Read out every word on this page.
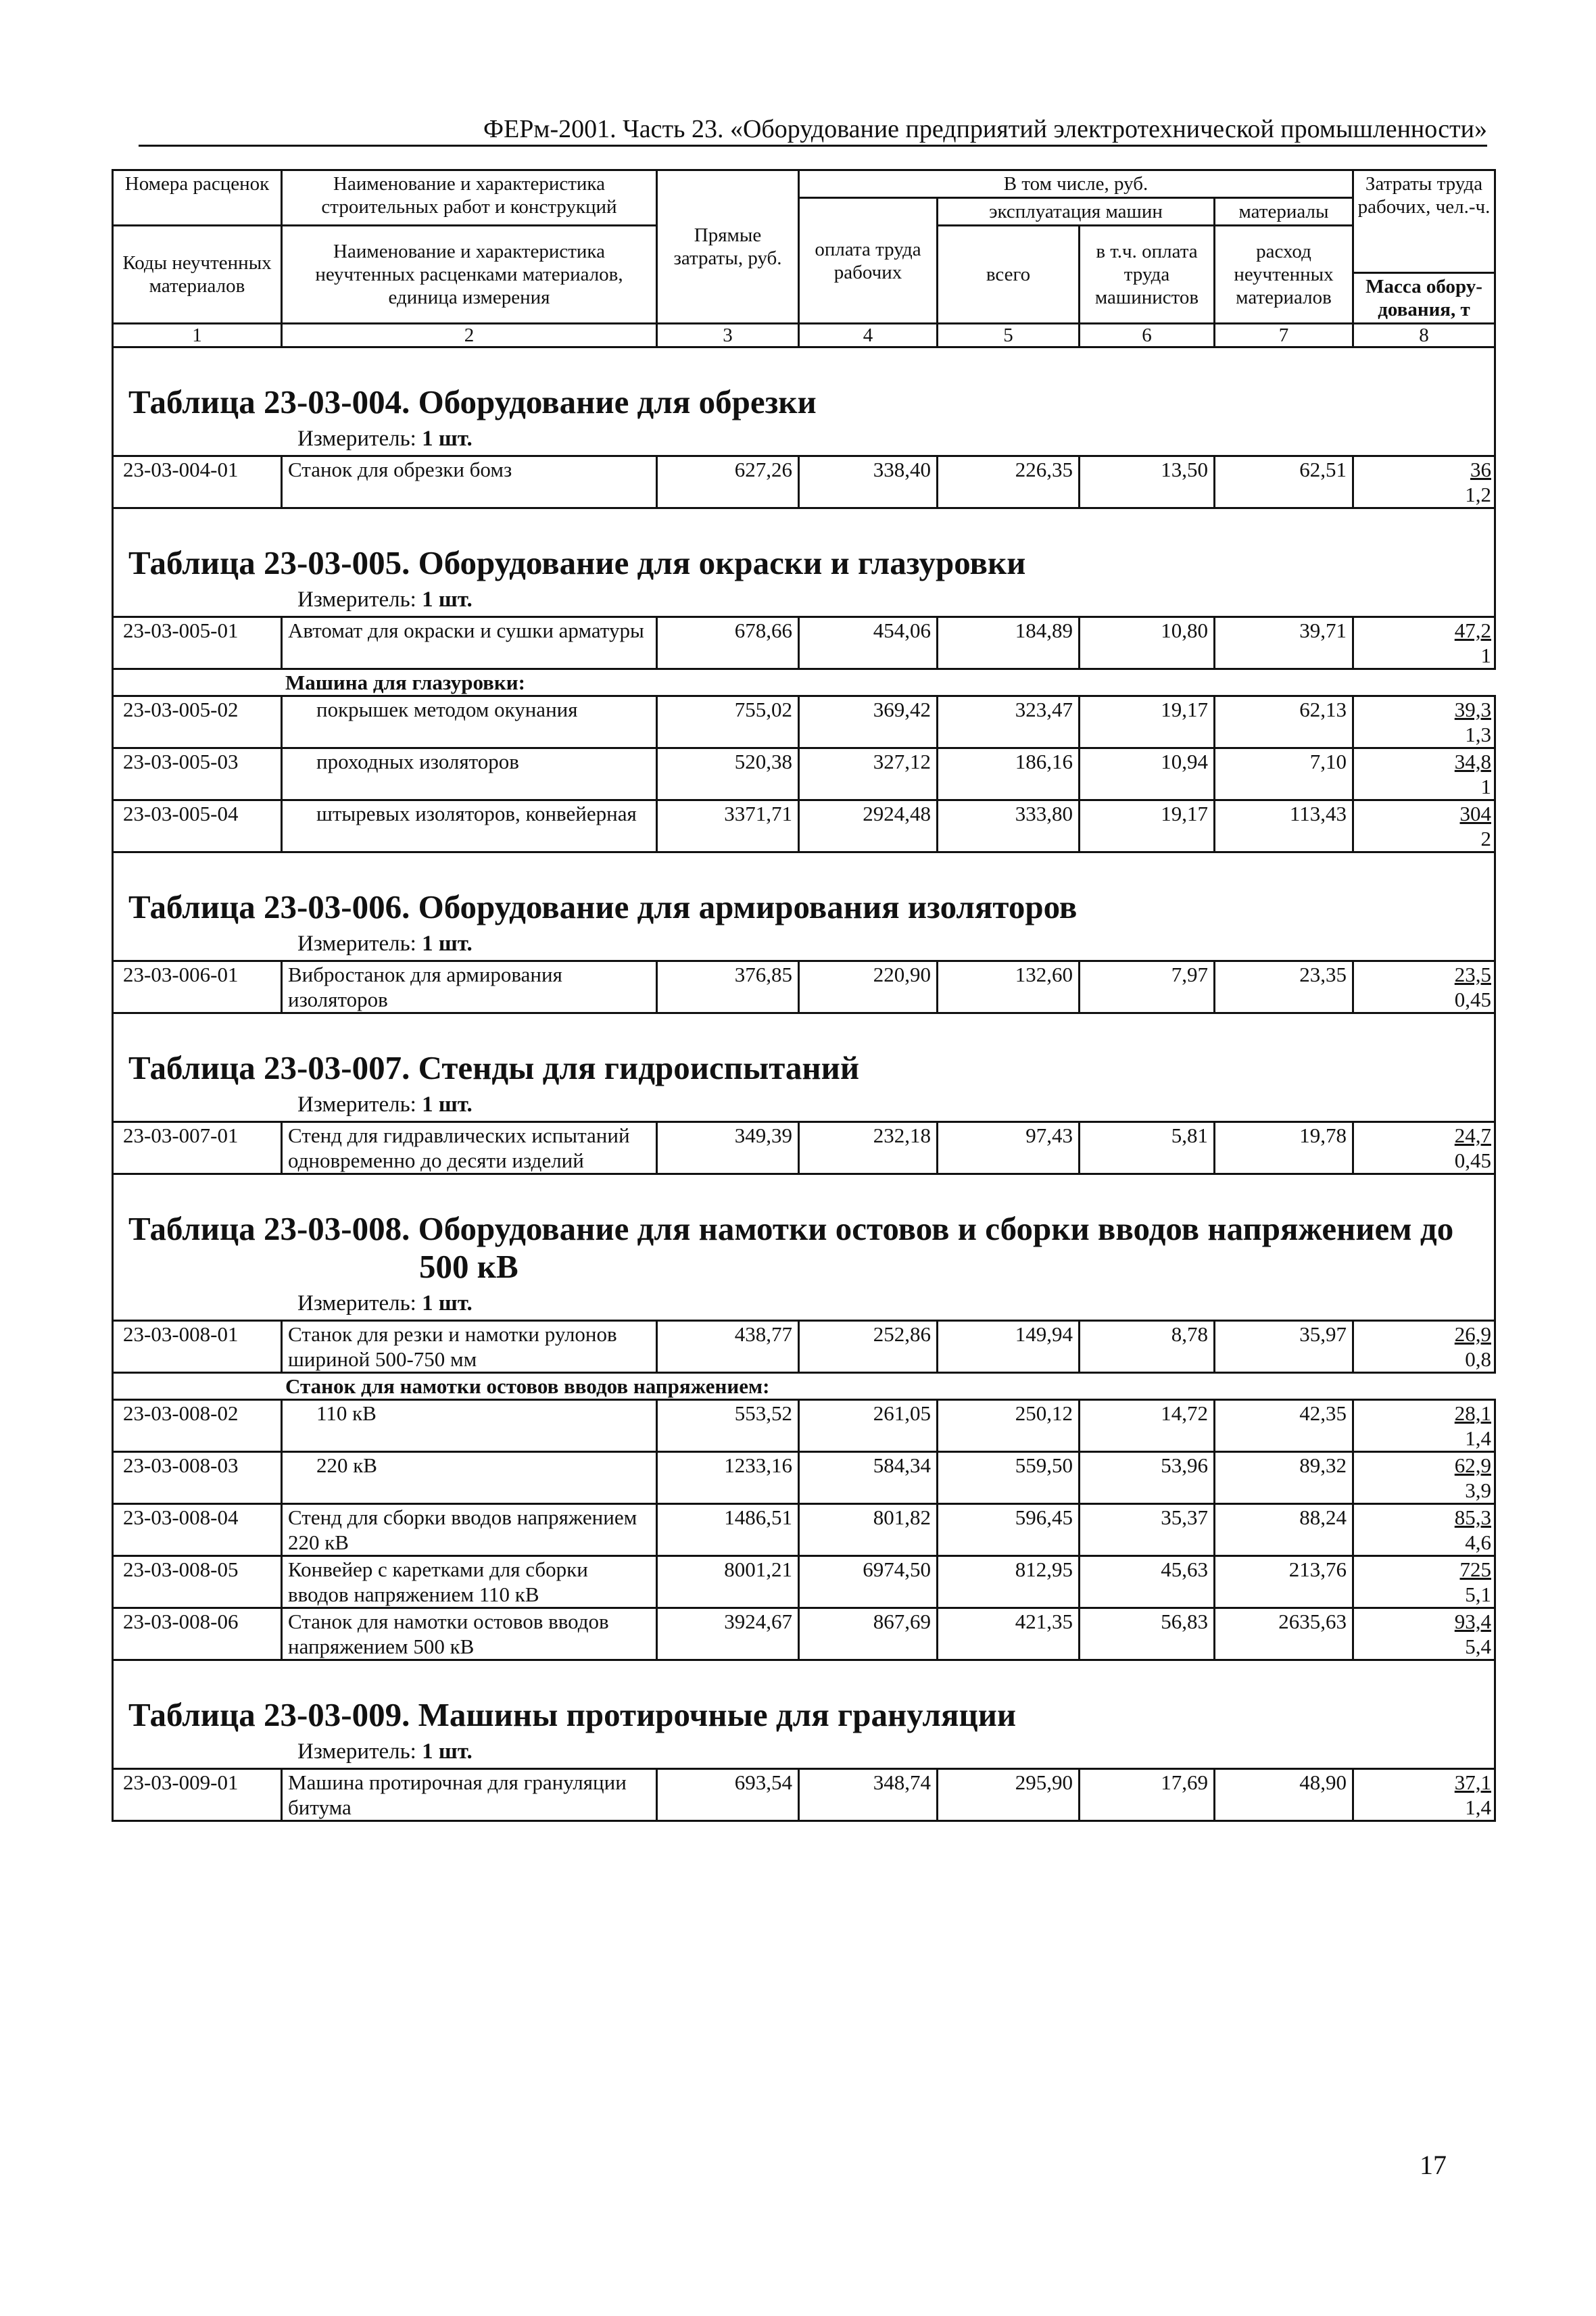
ФЕРм-2001. Часть 23. «Оборудование предприятий электротехнической промышленности»
Номера расценок	Наименование и характеристика строительных работ и конструкций	Прямые затраты, руб.	В том числе, руб.				Затраты труда рабочих, чел.-ч.
			оплата труда рабочих	эксплуатация машин		материалы	
Коды неучтенных материалов	Наименование и характеристика неучтенных расценками материалов, единица измерения			всего	в т.ч. оплата труда машинистов	расход неучтенных материалов	
							Масса обору-дования, т
1	2	3	4	5	6	7	8

Таблица 23-03-004. Оборудование для обрезки
Измеритель: 1 шт.							

23-03-004-01	Станок для обрезки бомз	627,26	338,40	226,35	13,50	62,51	36
1,2

Таблица 23-03-005. Оборудование для окраски и глазуровки
Измеритель: 1 шт.							

23-03-005-01	Автомат для окраски и сушки арматуры	678,66	454,06	184,89	10,80	39,71	47,2
1

Машина для глазуровки:							
23-03-005-02	покрышек методом окунания	755,02	369,42	323,47	19,17	62,13	39,3
1,3

23-03-005-03	проходных изоляторов	520,38	327,12	186,16	10,94	7,10	34,8
1

23-03-005-04	штыревых изоляторов, конвейерная	3371,71	2924,48	333,80	19,17	113,43	304
2

Таблица 23-03-006. Оборудование для армирования изоляторов
Измеритель: 1 шт.							

23-03-006-01	Вибростанок для армирования изоляторов	376,85	220,90	132,60	7,97	23,35	23,5
0,45

Таблица 23-03-007. Стенды для гидроиспытаний
Измеритель: 1 шт.							

23-03-007-01	Стенд для гидравлических испытаний одновременно до десяти изделий	349,39	232,18	97,43	5,81	19,78	24,7
0,45

Таблица 23-03-008. Оборудование для намотки остовов и сборки вводов напряжением до
500 кВ
Измеритель: 1 шт.							

23-03-008-01	Станок для резки и намотки рулонов шириной 500-750 мм	438,77	252,86	149,94	8,78	35,97	26,9
0,8

Станок для намотки остовов вводов напряжением:							
23-03-008-02	110 кВ	553,52	261,05	250,12	14,72	42,35	28,1
1,4

23-03-008-03	220 кВ	1233,16	584,34	559,50	53,96	89,32	62,9
3,9

23-03-008-04	Стенд для сборки вводов напряжением 220 кВ	1486,51	801,82	596,45	35,37	88,24	85,3
4,6

23-03-008-05	Конвейер с каретками для сборки вводов напряжением 110 кВ	8001,21	6974,50	812,95	45,63	213,76	725
5,1

23-03-008-06	Станок для намотки остовов вводов напряжением 500 кВ	3924,67	867,69	421,35	56,83	2635,63	93,4
5,4

Таблица 23-03-009. Машины протирочные для грануляции
Измеритель: 1 шт.							

23-03-009-01	Машина протирочная для грануляции битума	693,54	348,74	295,90	17,69	48,90	37,1
1,4
17
